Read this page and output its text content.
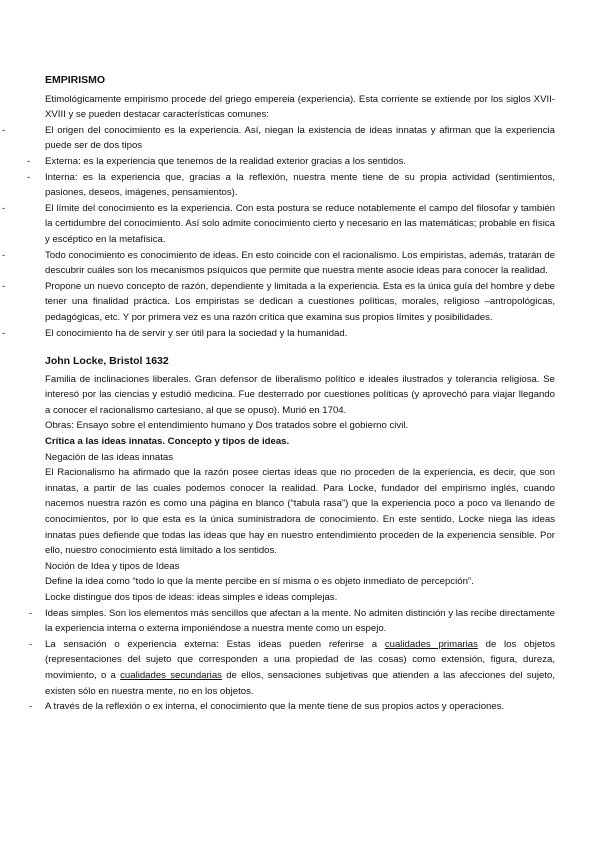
EMPIRISMO

Etimológicamente empirismo procede del griego empereia (experiencia). Esta corriente se extiende por los siglos XVII-XVIII y se pueden destacar características comunes:

-	El origen del conocimiento es la experiencia. Así, niegan la existencia de ideas innatas y afirman que la experiencia puede ser de dos tipos
- Externa: es la experiencia que tenemos de la realidad exterior gracias a los sentidos.
- Interna: es la experiencia que, gracias a la reflexión, nuestra mente tiene de su propia actividad (sentimientos, pasiones, deseos, imágenes, pensamientos).
-	El límite del conocimiento es la experiencia. Con esta postura se reduce notablemente el campo del filosofar y también la certidumbre del conocimiento. Así solo admite conocimiento cierto y necesario en las matemáticas; probable en física y escéptico en la metafísica.
-	Todo conocimiento es conocimiento de ideas. En esto coincide con el racionalismo. Los empiristas, además, tratarán de descubrir cuáles son los mecanismos psíquicos que permite que nuestra mente asocie ideas para conocer la realidad.
-	Propone un nuevo concepto de razón, dependiente y limitada a la experiencia. Esta es la única guía del hombre y debe tener una finalidad práctica. Los empiristas se dedican a cuestiones políticas, morales, religioso –antropológicas, pedagógicas, etc. Y por primera vez es una razón crítica que examina sus propios límites y posibilidades.
-	El conocimiento ha de servir y ser útil para la sociedad y la humanidad.
John Locke, Bristol 1632

Familia de inclinaciones liberales. Gran defensor de liberalismo político e ideales ilustrados y tolerancia religiosa. Se interesó por las ciencias y estudió medicina. Fue desterrado por cuestiones políticas (y aprovechó para viajar llegando a conocer el racionalismo cartesiano, al que se opuso). Murió en 1704.

Obras: Ensayo sobre el entendimiento humano y Dos tratados sobre el gobierno civil.

Crítica a las ideas innatas. Concepto y tipos de ideas.

Negación de las ideas innatas

El Racionalismo ha afirmado que la razón posee ciertas ideas que no proceden de la experiencia, es decir, que son innatas, a partir de las cuales podemos conocer la realidad. Para Locke, fundador del empirismo inglés, cuando nacemos nuestra razón es como una página en blanco (“tabula rasa”) que la experiencia poco a poco va llenando de conocimientos, por lo que esta es la única suministradora de conocimiento. En este sentido, Locke niega las ideas innatas pues defiende que todas las ideas que hay en nuestro entendimiento proceden de la experiencia sensible. Por ello, nuestro conocimiento está limitado a los sentidos.

Noción de Idea y tipos de Ideas

Define la idea como “todo lo que la mente percibe en sí misma o es objeto inmediato de percepción”.

Locke distingue dos tipos de ideas: ideas simples e ideas complejas.

- Ideas simples. Son los elementos más sencillos que afectan a la mente. No admiten distinción y las recibe directamente la experiencia interna o externa imponiéndose a nuestra mente como un espejo.
- La sensación o experiencia externa: Estas ideas pueden referirse a cualidades primarias de los objetos (representaciones del sujeto que corresponden a una propiedad de las cosas) como extensión, figura, dureza, movimiento, o a cualidades secundarias de ellos, sensaciones subjetivas que atienden a las afecciones del sujeto, existen sólo en nuestra mente, no en los objetos.
- A través de la reflexión o ex interna, el conocimiento que la mente tiene de sus propios actos y operaciones.
